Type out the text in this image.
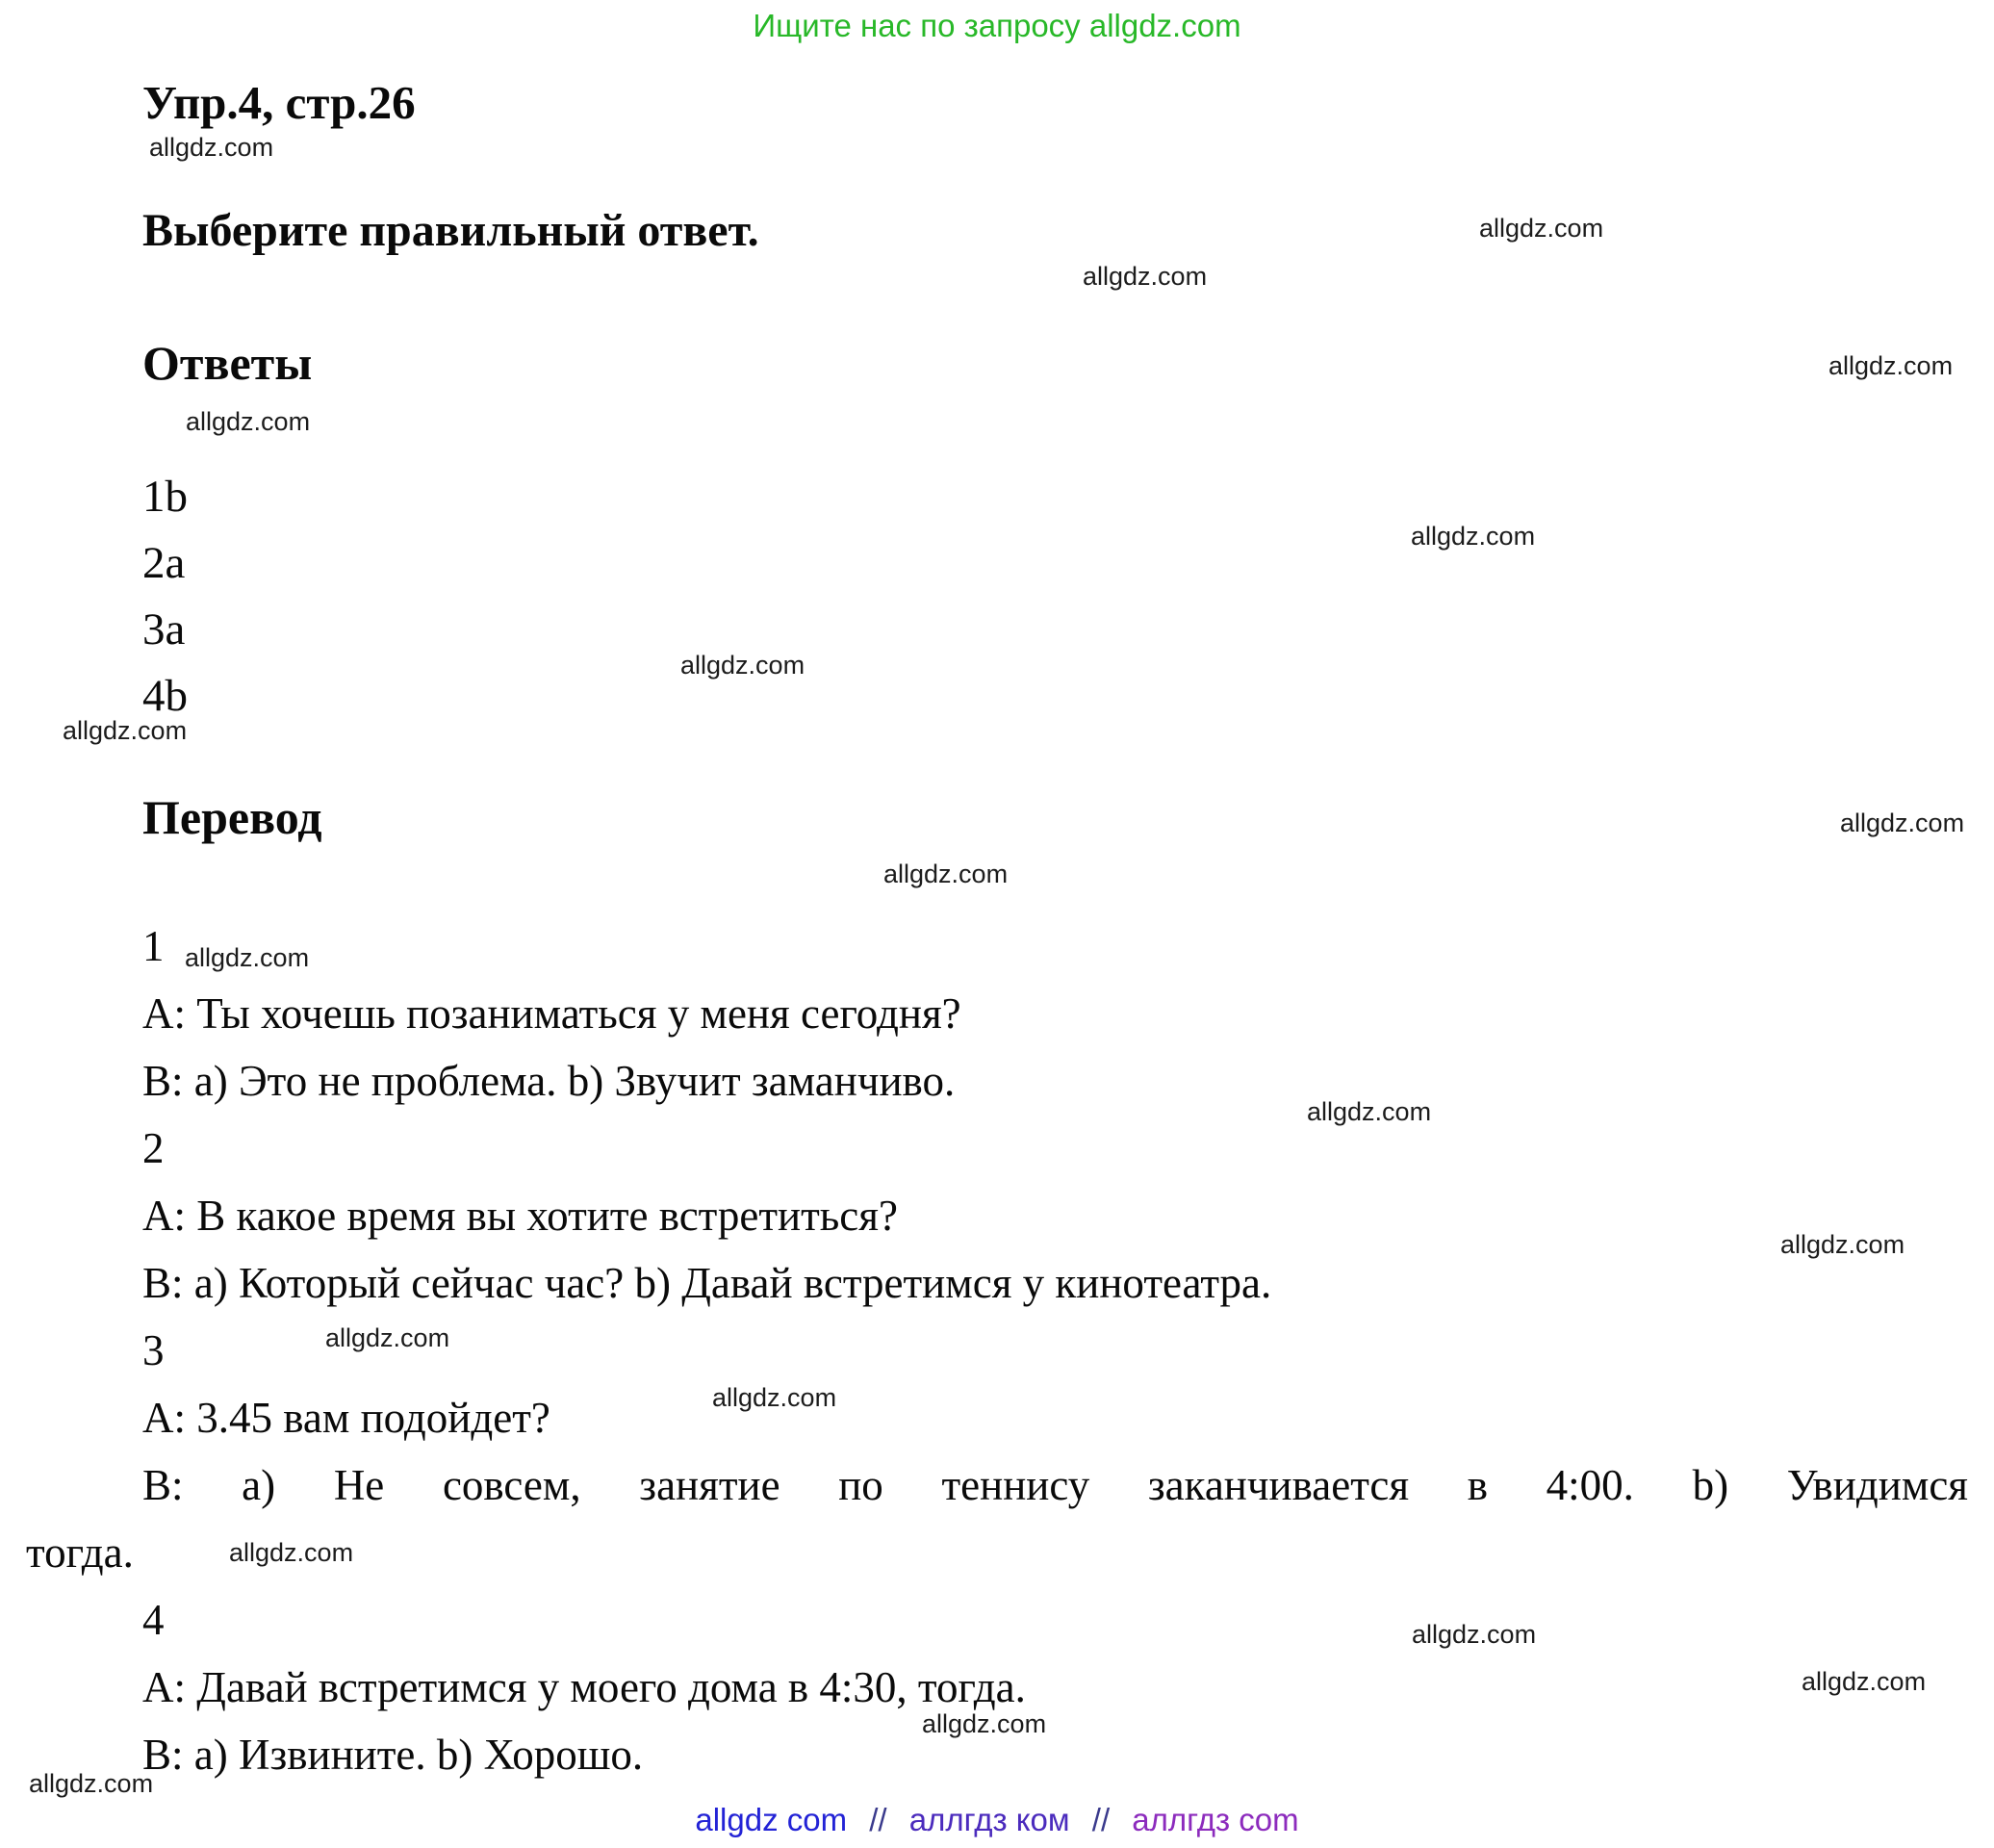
Ищите нас по запросу allgdz.com
Упр.4, стр.26
Выберите правильный ответ.
Ответы
1b
2a
3a
4b
Перевод
1
A: Ты хочешь позаниматься у меня сегодня?
B: a) Это не проблема. b) Звучит заманчиво.
2
A: В какое время вы хотите встретиться?
B: a) Который сейчас час? b) Давай встретимся у кинотеатра.
3
A: 3.45 вам подойдет?
B: a) Не совсем, занятие по теннису заканчивается в 4:00. b) Увидимся
тогда.
4
A: Давай встретимся у моего дома в 4:30, тогда.
B: a) Извините. b) Хорошо.
allgdz.com
allgdz.com
allgdz.com
allgdz.com
allgdz.com
allgdz.com
allgdz.com
allgdz.com
allgdz.com
allgdz.com
allgdz.com
allgdz.com
allgdz.com
allgdz.com
allgdz.com
allgdz.com
allgdz.com
allgdz.com
allgdz.com
allgdz.com
allgdz com // аллгдз ком // аллгдз com
